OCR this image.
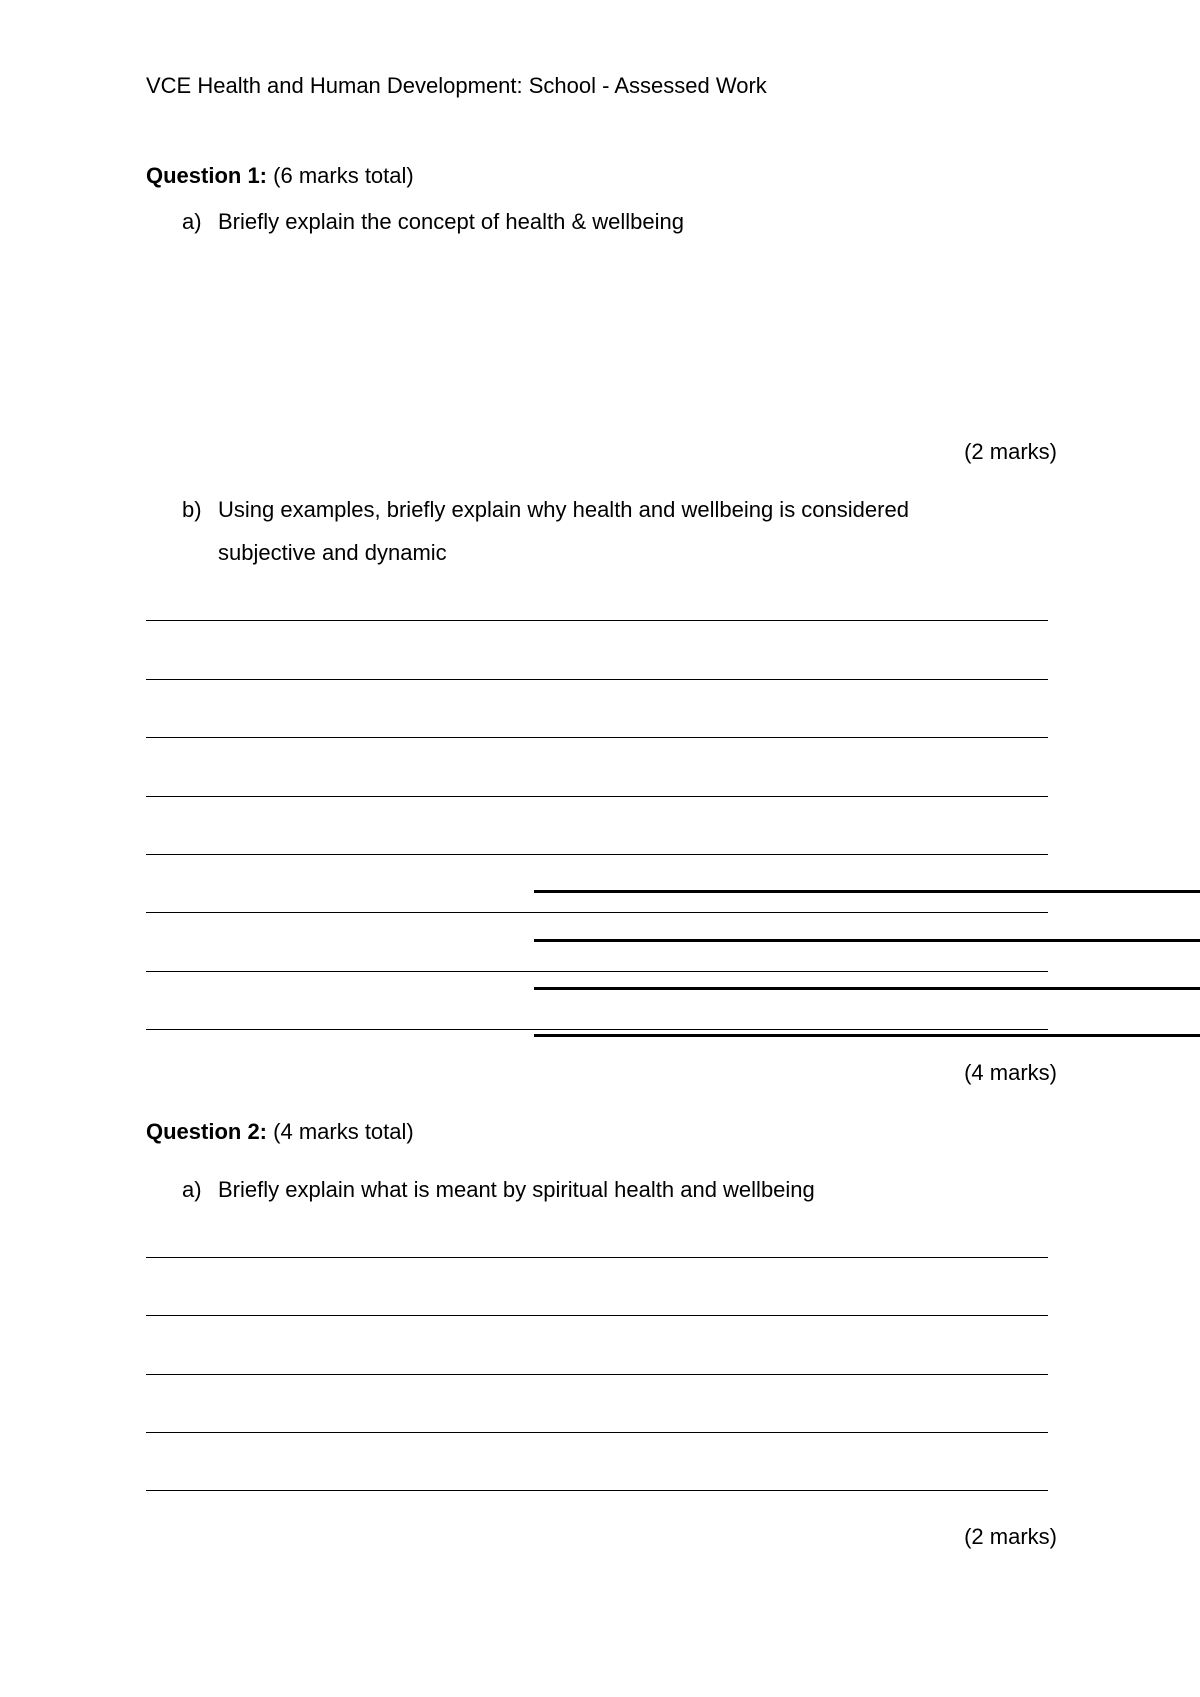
VCE Health and Human Development: School - Assessed Work
Question 1: (6 marks total)
a) Briefly explain the concept of health & wellbeing
(2 marks)
b) Using examples, briefly explain why health and wellbeing is considered
subjective and dynamic
(4 marks)
Question 2: (4 marks total)
a) Briefly explain what is meant by spiritual health and wellbeing
(2 marks)
